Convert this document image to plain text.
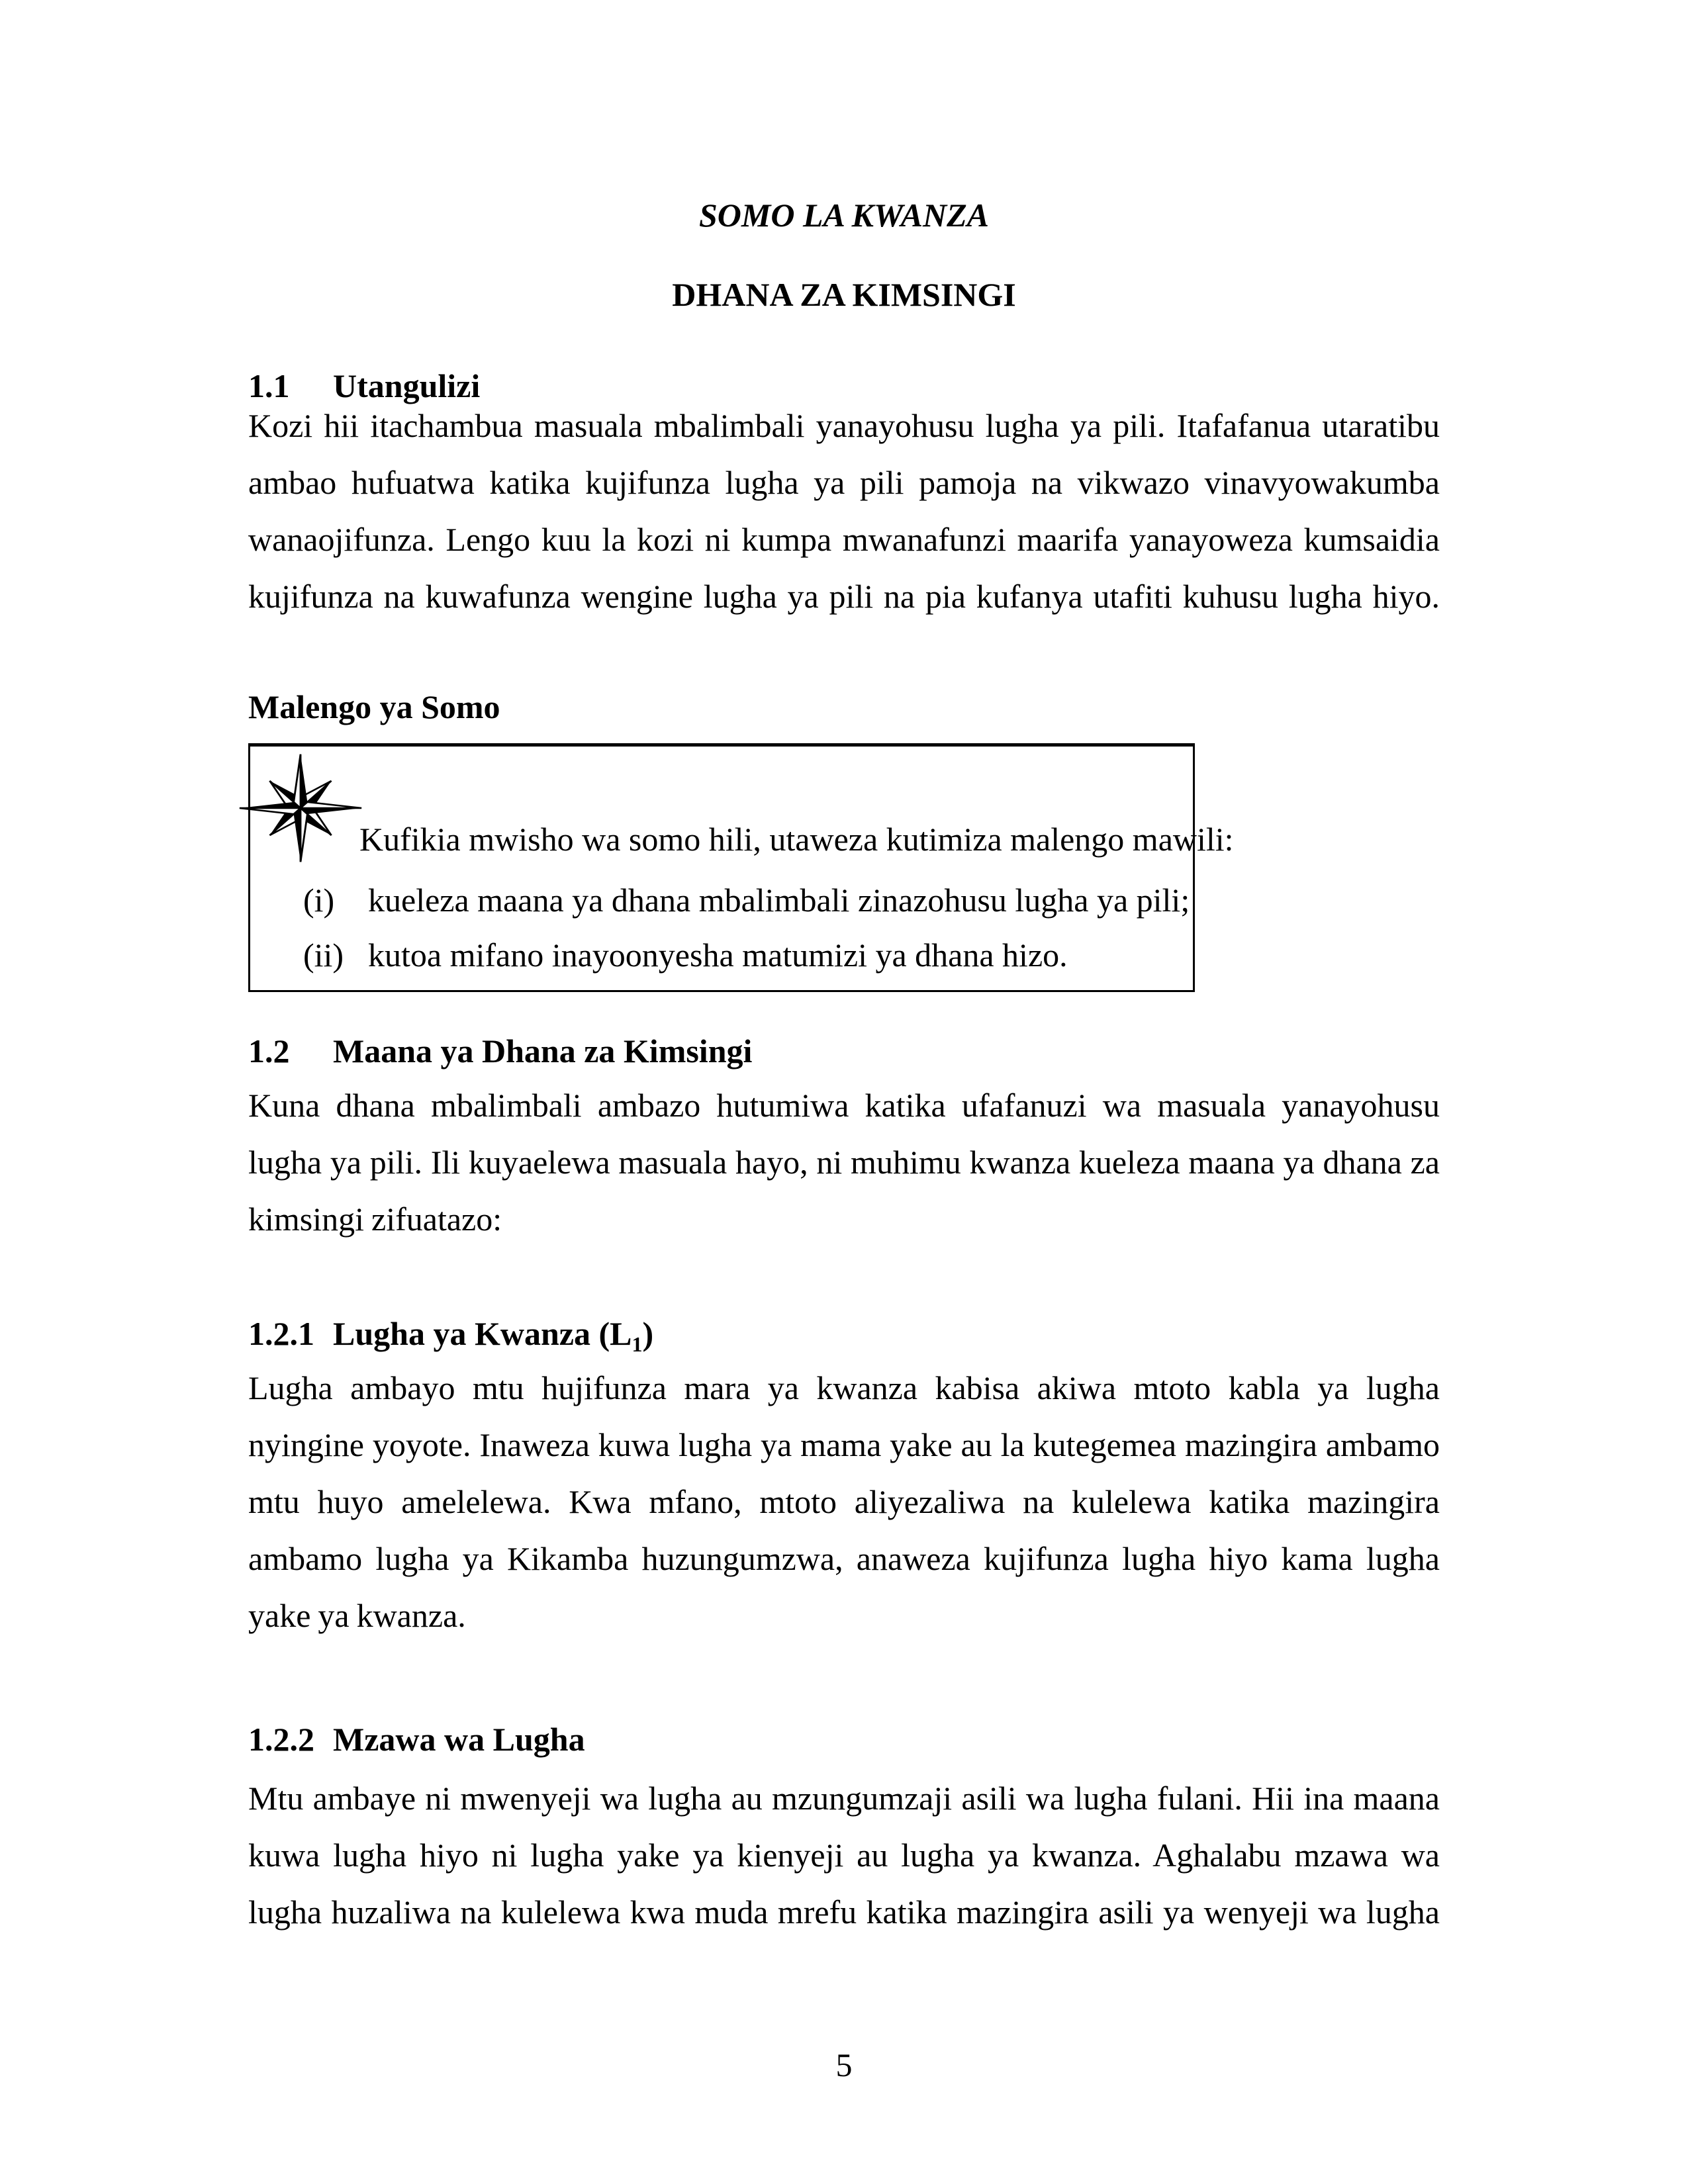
SOMO LA KWANZA
DHANA ZA KIMSINGI
1.1 Utangulizi
Kozi hii itachambua masuala mbalimbali yanayohusu lugha ya pili. Itafafanua utaratibu
ambao hufuatwa katika kujifunza lugha ya pili pamoja na vikwazo vinavyowakumba
wanaojifunza. Lengo kuu la kozi ni kumpa mwanafunzi maarifa yanayoweza kumsaidia
kujifunza na kuwafunza wengine lugha ya pili na pia kufanya utafiti kuhusu lugha hiyo.
Malengo ya Somo
Kufikia mwisho wa somo hili, utaweza kutimiza malengo mawili:
(i) kueleza maana ya dhana mbalimbali zinazohusu lugha ya pili;
(ii) kutoa mifano inayoonyesha matumizi ya dhana hizo.
1.2 Maana ya Dhana za Kimsingi
Kuna dhana mbalimbali ambazo hutumiwa katika ufafanuzi wa masuala yanayohusu
lugha ya pili. Ili kuyaelewa masuala hayo, ni muhimu kwanza kueleza maana ya dhana za
kimsingi zifuatazo:
1.2.1 Lugha ya Kwanza $(L_1)$
Lugha ambayo mtu hujifunza mara ya kwanza kabisa akiwa mtoto kabla ya lugha
nyingine yoyote. Inaweza kuwa lugha ya mama yake au la kutegemea mazingira ambamo
mtu huyo amelelewa. Kwa mfano, mtoto aliyezaliwa na kulelewa katika mazingira
ambamo lugha ya Kikamba huzungumzwa, anaweza kujifunza lugha hiyo kama lugha
yake ya kwanza.
1.2.2 Mzawa wa Lugha
Mtu ambaye ni mwenyeji wa lugha au mzungumzaji asili wa lugha fulani. Hii ina maana
kuwa lugha hiyo ni lugha yake ya kienyeji au lugha ya kwanza. Aghalabu mzawa wa
lugha huzaliwa na kulelewa kwa muda mrefu katika mazingira asili ya wenyeji wa lugha
5
